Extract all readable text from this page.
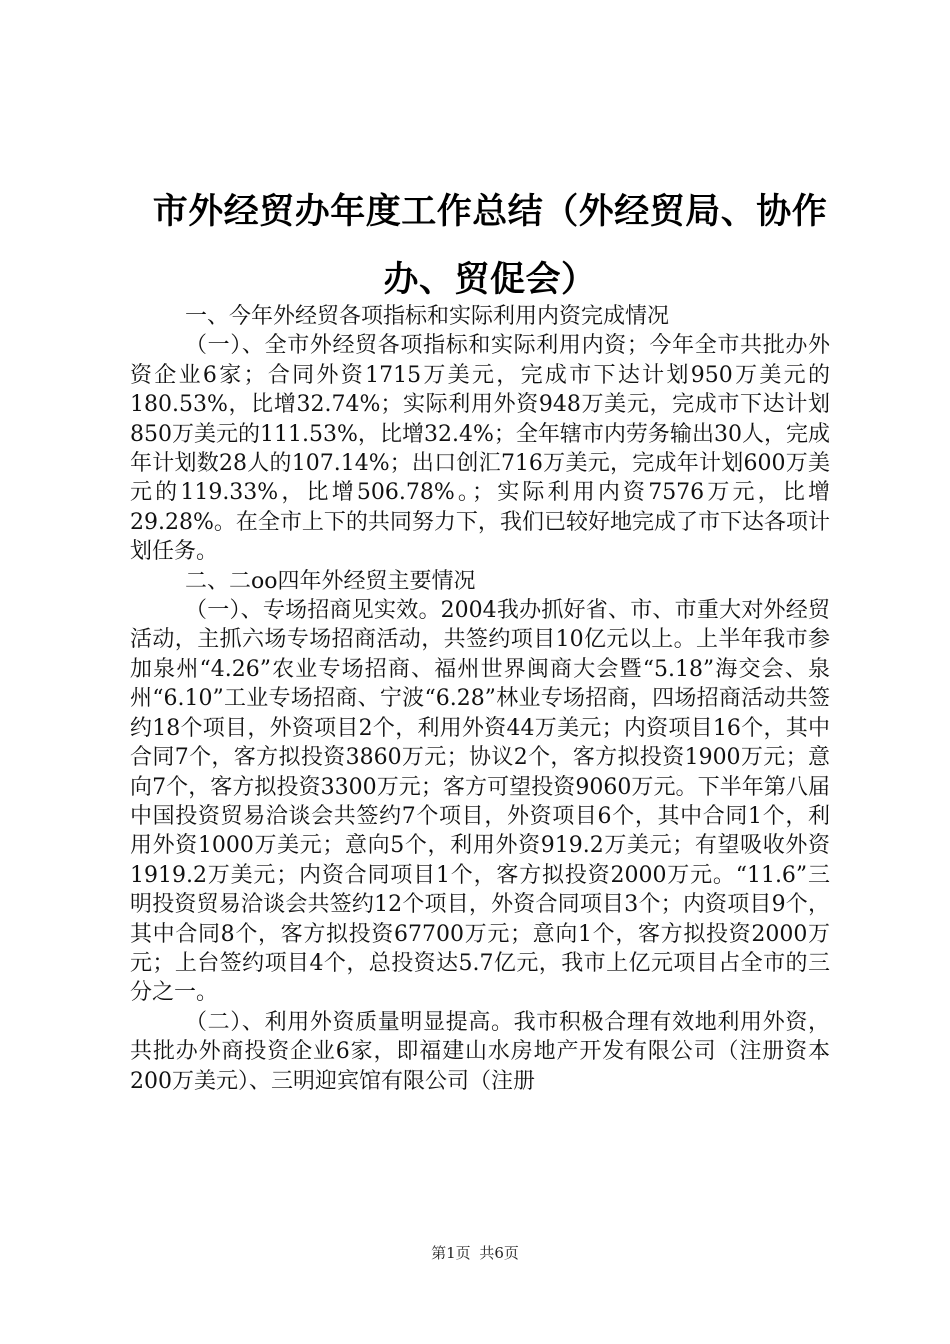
市外经贸办年度工作总结（外经贸局、协作办、贸促会）

一、今年外经贸各项指标和实际利用内资完成情况

（一）、全市外经贸各项指标和实际利用内资；今年全市共批办外资企业6家；合同外资1715万美元，完成市下达计划950万美元的180.53%，比增32.74%；实际利用外资948万美元，完成市下达计划850万美元的111.53%，比增32.4%；全年辖市内劳务输出30人，完成年计划数28人的107.14%；出口创汇716万美元，完成年计划600万美元的119.33%，比增506.78%。；实际利用内资7576万元，比增29.28%。在全市上下的共同努力下，我们已较好地完成了市下达各项计划任务。

二、二oo四年外经贸主要情况

（一）、专场招商见实效。2004我办抓好省、市、市重大对外经贸活动，主抓六场专场招商活动，共签约项目10亿元以上。上半年我市参加泉州“4.26”农业专场招商、福州世界闽商大会暨“5.18”海交会、泉州“6.10”工业专场招商、宁波“6.28”林业专场招商，四场招商活动共签约18个项目，外资项目2个，利用外资44万美元；内资项目16个，其中合同7个，客方拟投资3860万元；协议2个，客方拟投资1900万元；意向7个，客方拟投资3300万元；客方可望投资9060万元。下半年第八届中国投资贸易洽谈会共签约7个项目，外资项目6个，其中合同1个，利用外资1000万美元；意向5个，利用外资919.2万美元；有望吸收外资1919.2万美元；内资合同项目1个，客方拟投资2000万元。“11.6”三明投资贸易洽谈会共签约12个项目，外资合同项目3个；内资项目9个，其中合同8个，客方拟投资67700万元；意向1个，客方拟投资2000万元；上台签约项目4个，总投资达5.7亿元，我市上亿元项目占全市的三分之一。

（二）、利用外资质量明显提高。我市积极合理有效地利用外资，共批办外商投资企业6家，即福建山水房地产开发有限公司（注册资本200万美元）、三明迎宾馆有限公司（注册

第1页 共6页
